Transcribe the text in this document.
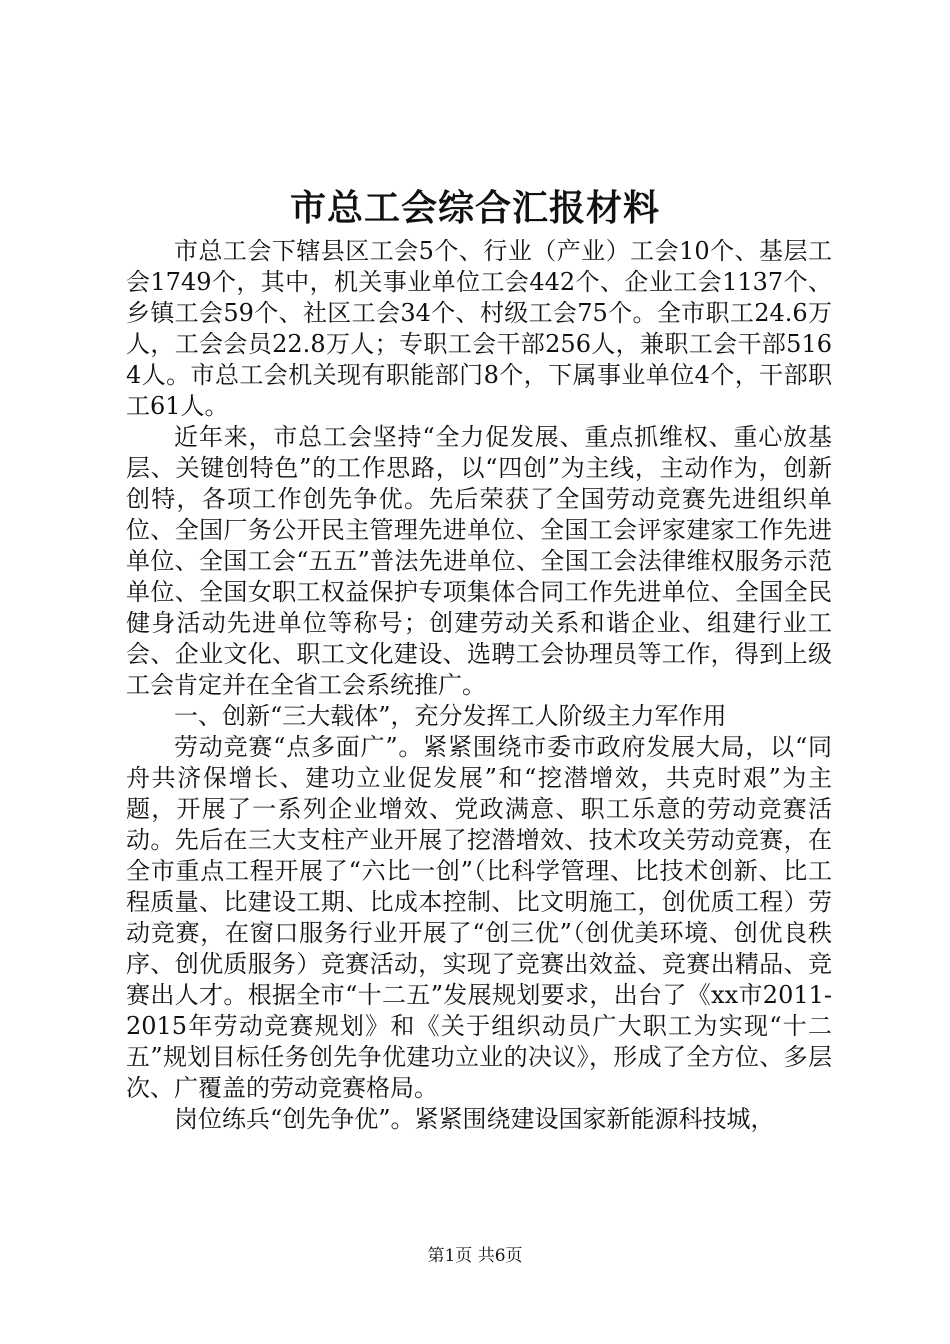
市总工会综合汇报材料

市总工会下辖县区工会5个、行业（产业）工会10个、基层工会1749个，其中，机关事业单位工会442个、企业工会1137个、乡镇工会59个、社区工会34个、村级工会75个。全市职工24.6万人，工会会员22.8万人；专职工会干部256人，兼职工会干部5164人。市总工会机关现有职能部门8个，下属事业单位4个，干部职工61人。

近年来，市总工会坚持“全力促发展、重点抓维权、重心放基层、关键创特色”的工作思路，以“四创”为主线，主动作为，创新创特，各项工作创先争优。先后荣获了全国劳动竞赛先进组织单位、全国厂务公开民主管理先进单位、全国工会评家建家工作先进单位、全国工会“五五”普法先进单位、全国工会法律维权服务示范单位、全国女职工权益保护专项集体合同工作先进单位、全国全民健身活动先进单位等称号；创建劳动关系和谐企业、组建行业工会、企业文化、职工文化建设、选聘工会协理员等工作，得到上级工会肯定并在全省工会系统推广。

一、创新“三大载体”，充分发挥工人阶级主力军作用

劳动竞赛“点多面广”。紧紧围绕市委市政府发展大局，以“同舟共济保增长、建功立业促发展”和“挖潜增效，共克时艰”为主题，开展了一系列企业增效、党政满意、职工乐意的劳动竞赛活动。先后在三大支柱产业开展了挖潜增效、技术攻关劳动竞赛，在全市重点工程开展了“六比一创”（比科学管理、比技术创新、比工程质量、比建设工期、比成本控制、比文明施工，创优质工程）劳动竞赛，在窗口服务行业开展了“创三优”（创优美环境、创优良秩序、创优质服务）竞赛活动，实现了竞赛出效益、竞赛出精品、竞赛出人才。根据全市“十二五”发展规划要求，出台了《xx市2011-2015年劳动竞赛规划》和《关于组织动员广大职工为实现“十二五”规划目标任务创先争优建功立业的决议》，形成了全方位、多层次、广覆盖的劳动竞赛格局。

岗位练兵“创先争优”。紧紧围绕建设国家新能源科技城，

第1页 共6页
